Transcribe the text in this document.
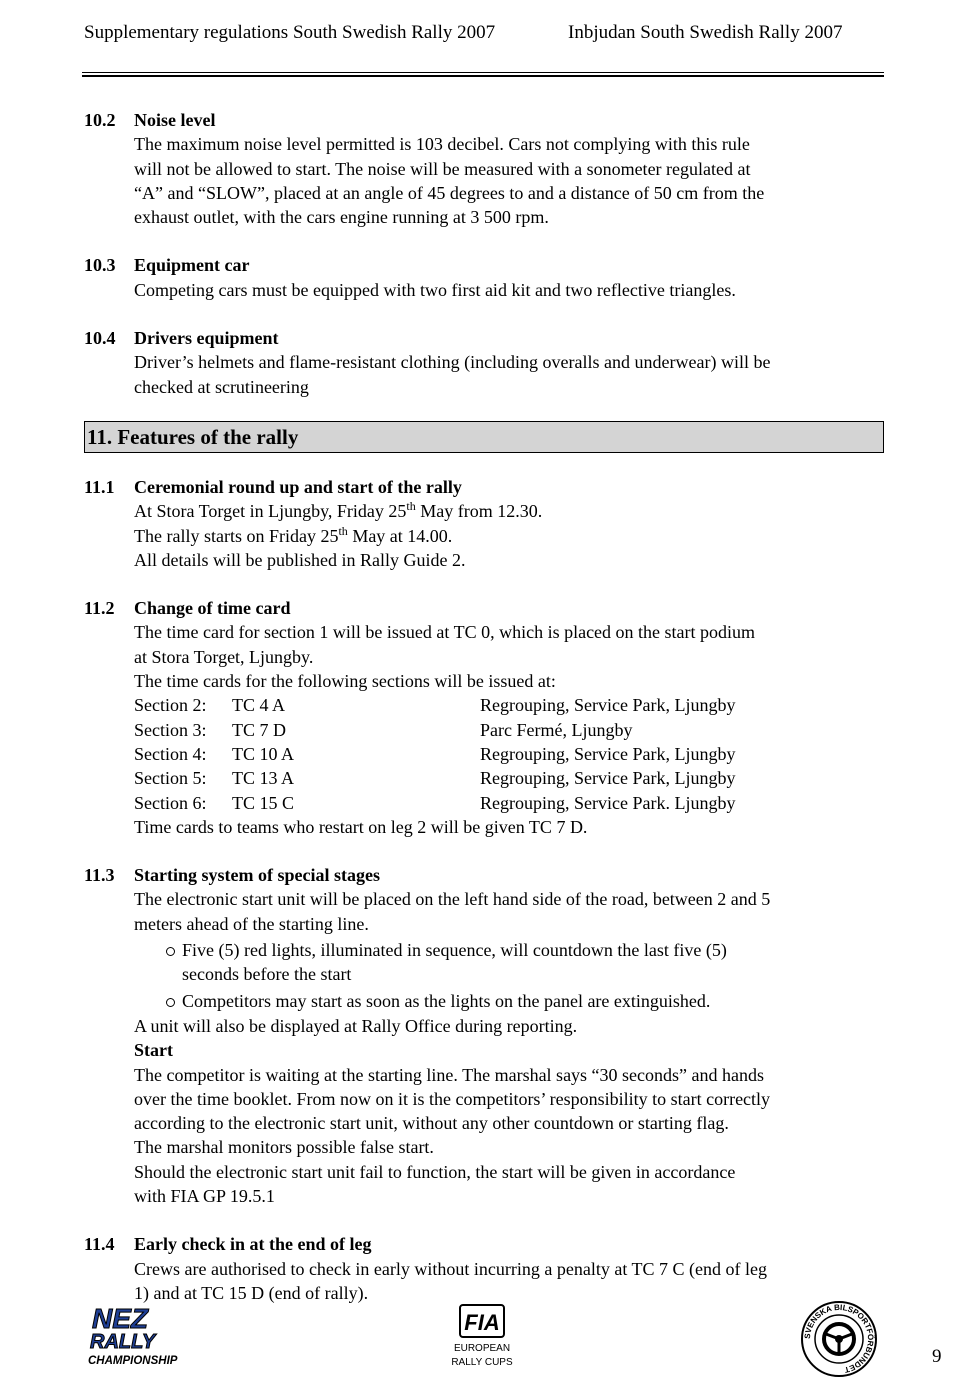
Supplementary regulations South Swedish Rally 2007	Inbjudan South Swedish Rally 2007
10.2	Noise level

The maximum noise level permitted is 103 decibel. Cars not complying with this rule

will not be allowed to start. The noise will be measured with a sonometer regulated at

“A” and “SLOW”, placed at an angle of 45 degrees to and a distance of 50 cm from the

exhaust outlet, with the cars engine running at 3 500 rpm.

10.3	Equipment car

Competing cars must be equipped with two first aid kit and two reflective triangles.

10.4	Drivers equipment

Driver’s helmets and flame-resistant clothing (including overalls and underwear) will be

checked at scrutineering

11. Features of the rally
11.1	Ceremonial round up and start of the rally

At Stora Torget in Ljungby, Friday 25th May from 12.30.

The rally starts on Friday 25th May at 14.00.

All details will be published in Rally Guide 2.

11.2	Change of time card

The time card for section 1 will be issued at TC 0, which is placed on the start podium

at Stora Torget, Ljungby.

The time cards for the following sections will be issued at:

Section 2:	TC 4 A	Regrouping, Service Park, Ljungby
Section 3:	TC 7 D	Parc Fermé, Ljungby
Section 4:	TC 10 A	Regrouping, Service Park, Ljungby
Section 5:	TC 13 A	Regrouping, Service Park, Ljungby
Section 6:	TC 15 C	Regrouping, Service Park. Ljungby

Time cards to teams who restart on leg 2 will be given TC 7 D.

11.3	Starting system of special stages

The electronic start unit will be placed on the left hand side of the road, between 2 and 5

meters ahead of the starting line.

Five (5) red lights, illuminated in sequence, will countdown the last five (5)
seconds before the start
Competitors may start as soon as the lights on the panel are extinguished.

A unit will also be displayed at Rally Office during reporting.

Start

The competitor is waiting at the starting line. The marshal says “30 seconds” and hands

over the time booklet. From now on it is the competitors’ responsibility to start correctly

according to the electronic start unit, without any other countdown or starting flag.

The marshal monitors possible false start.

Should the electronic start unit fail to function, the start will be given in accordance

with FIA GP 19.5.1

11.4	Early check in at the end of leg

Crews are authorised to check in early without incurring a penalty at TC 7 C (end of leg

1) and at TC 15 D (end of rally).

NEZ
RALLY
CHAMPIONSHIP
FIA
EUROPEAN
RALLY CUPS
SVENSKA BILSPORTFÖRBUNDET
9
